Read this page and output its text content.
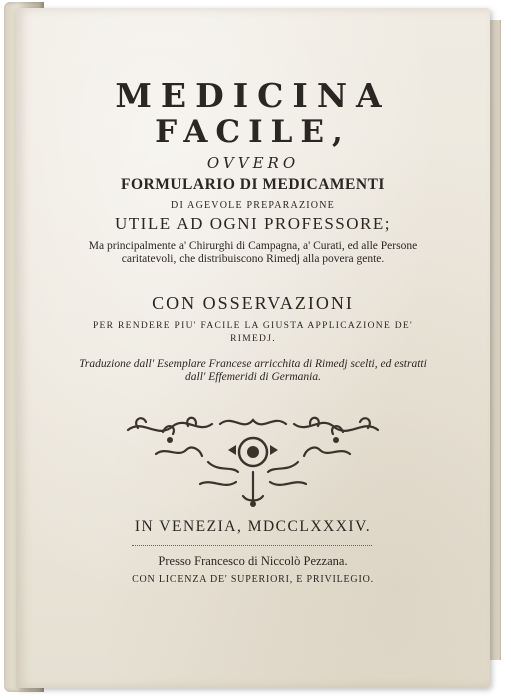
MEDICINA
FACILE,
OVVERO
FORMULARIO DI MEDICAMENTI
DI AGEVOLE PREPARAZIONE
UTILE AD OGNI PROFESSORE;
Ma principalmente a' Chirurghi di Campagna, a' Curati, ed alle Persone caritatevoli, che distribuiscono Rimedj alla povera gente.
CON OSSERVAZIONI
PER RENDERE PIU' FACILE LA GIUSTA APPLICAZIONE DE' RIMEDJ.
Traduzione dall' Esemplare Francese arricchita di Rimedj scelti, ed estratti dall' Effemeridi di Germania.
IN VENEZIA, MDCCLXXXIV.
Presso Francesco di Niccolò Pezzana.
CON LICENZA DE' SUPERIORI, E PRIVILEGIO.
